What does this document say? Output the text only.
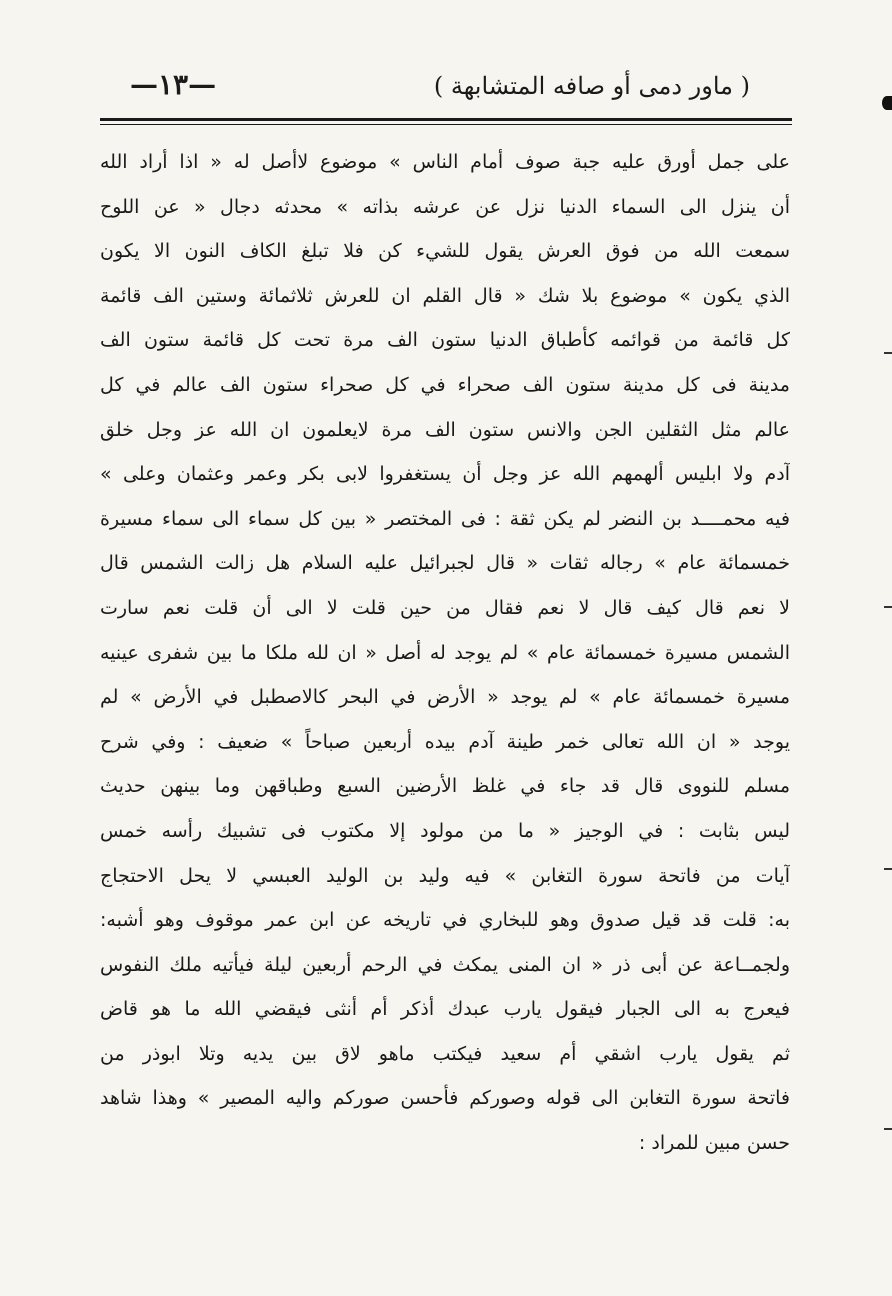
( ماور دمى أو صافه المتشابهة )
—١٣—
على جمل أورق عليه جبة صوف أمام الناس » موضوع لاأصل له « اذا أراد الله
أن ينزل الى السماء الدنيا نزل عن عرشه بذاته » محدثه دجال « عن اللوح
سمعت الله من فوق العرش يقول للشيء كن فلا تبلغ الكاف النون الا يكون
الذي يكون » موضوع بلا شك « قال القلم ان للعرش ثلاثمائة وستين الف قائمة
كل قائمة من قوائمه كأطباق الدنيا ستون الف مرة تحت كل قائمة ستون الف
مدينة فى كل مدينة ستون الف صحراء في كل صحراء ستون الف عالم في كل
عالم مثل الثقلين الجن والانس ستون الف مرة لايعلمون ان الله عز وجل خلق
آدم ولا ابليس ألهمهم الله عز وجل أن يستغفروا لابى بكر وعمر وعثمان وعلى »
فيه محمــــد بن النضر لم يكن ثقة : فى المختصر « بين كل سماء الى سماء مسيرة
خمسمائة عام » رجاله ثقات « قال لجبرائيل عليه السلام هل زالت الشمس قال
لا نعم قال كيف قال لا نعم فقال من حين قلت لا الى أن قلت نعم سارت
الشمس مسيرة خمسمائة عام » لم يوجد له أصل « ان لله ملكا ما بين شفرى عينيه
مسيرة خمسمائة عام » لم يوجد « الأرض في البحر كالاصطبل في الأرض » لم
يوجد « ان الله تعالى خمر طينة آدم بيده أربعين صباحاً » ضعيف : وفي شرح
مسلم للنووى قال قد جاء في غلظ الأرضين السبع وطباقهن وما بينهن حديث
ليس بثابت : في الوجيز « ما من مولود إلا مكتوب فى تشبيك رأسه خمس
آيات من فاتحة سورة التغابن » فيه وليد بن الوليد العبسي لا يحل الاحتجاج
به: قلت قد قيل صدوق وهو للبخاري في تاريخه عن ابن عمر موقوف وهو أشبه:
ولجمــاعة عن أبى ذر « ان المنى يمكث في الرحم أربعين ليلة فيأتيه ملك النفوس
فيعرج به الى الجبار فيقول يارب عبدك أذكر أم أنثى فيقضي الله ما هو قاض
ثم يقول يارب اشقي أم سعيد فيكتب ماهو لاق بين يديه وتلا ابوذر من
فاتحة سورة التغابن الى قوله وصوركم فأحسن صوركم واليه المصير » وهذا شاهد
حسن مبين للمراد :
